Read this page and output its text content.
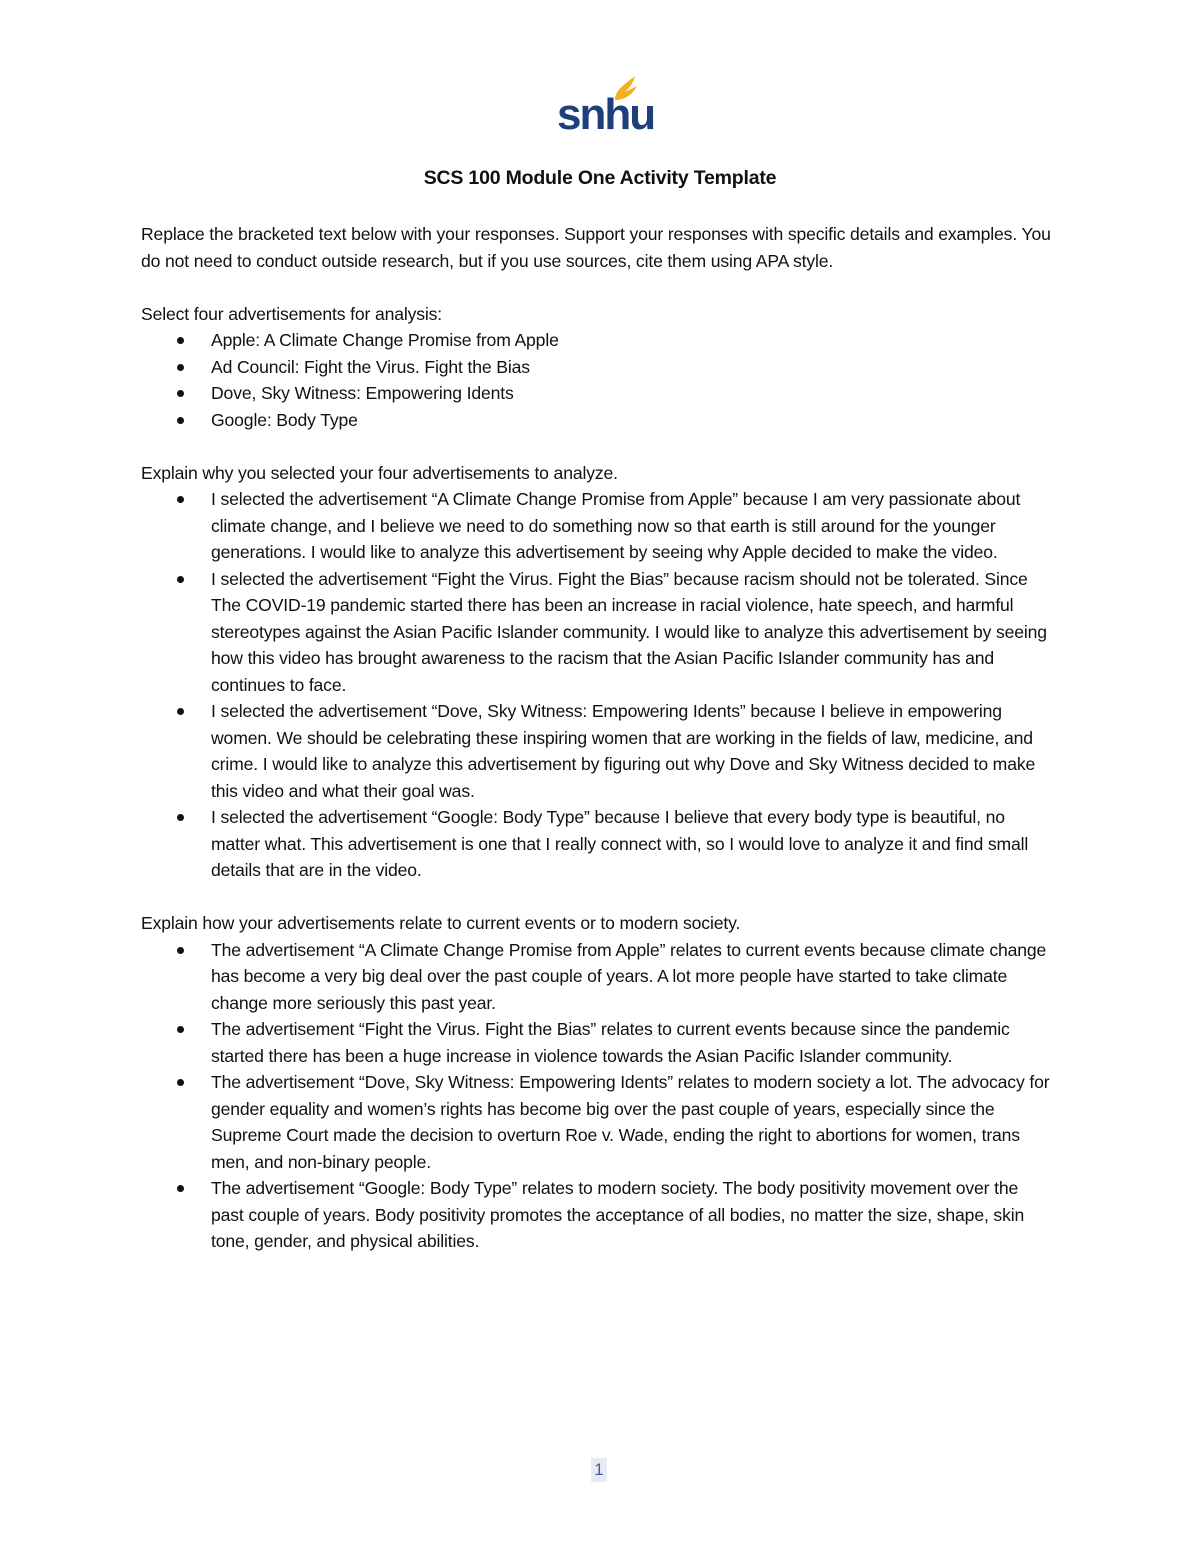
snhu
SCS 100 Module One Activity Template

Replace the bracketed text below with your responses. Support your responses with specific details and examples. You do not need to conduct outside research, but if you use sources, cite them using APA style.

Select four advertisements for analysis:

Apple: A Climate Change Promise from Apple
Ad Council: Fight the Virus. Fight the Bias
Dove, Sky Witness: Empowering Idents
Google: Body Type

Explain why you selected your four advertisements to analyze.

I selected the advertisement “A Climate Change Promise from Apple” because I am very passionate about climate change, and I believe we need to do something now so that earth is still around for the younger generations. I would like to analyze this advertisement by seeing why Apple decided to make the video.
I selected the advertisement “Fight the Virus. Fight the Bias” because racism should not be tolerated. Since The COVID-19 pandemic started there has been an increase in racial violence, hate speech, and harmful stereotypes against the Asian Pacific Islander community. I would like to analyze this advertisement by seeing how this video has brought awareness to the racism that the Asian Pacific Islander community has and continues to face.
I selected the advertisement “Dove, Sky Witness: Empowering Idents” because I believe in empowering women. We should be celebrating these inspiring women that are working in the fields of law, medicine, and crime. I would like to analyze this advertisement by figuring out why Dove and Sky Witness decided to make this video and what their goal was.
I selected the advertisement “Google: Body Type” because I believe that every body type is beautiful, no matter what. This advertisement is one that I really connect with, so I would love to analyze it and find small details that are in the video.

Explain how your advertisements relate to current events or to modern society.

The advertisement “A Climate Change Promise from Apple” relates to current events because climate change has become a very big deal over the past couple of years. A lot more people have started to take climate change more seriously this past year.
The advertisement “Fight the Virus. Fight the Bias” relates to current events because since the pandemic started there has been a huge increase in violence towards the Asian Pacific Islander community.
The advertisement “Dove, Sky Witness: Empowering Idents” relates to modern society a lot. The advocacy for gender equality and women’s rights has become big over the past couple of years, especially since the Supreme Court made the decision to overturn Roe v. Wade, ending the right to abortions for women, trans men, and non-binary people.
The advertisement “Google: Body Type” relates to modern society. The body positivity movement over the past couple of years. Body positivity promotes the acceptance of all bodies, no matter the size, shape, skin tone, gender, and physical abilities.
1
